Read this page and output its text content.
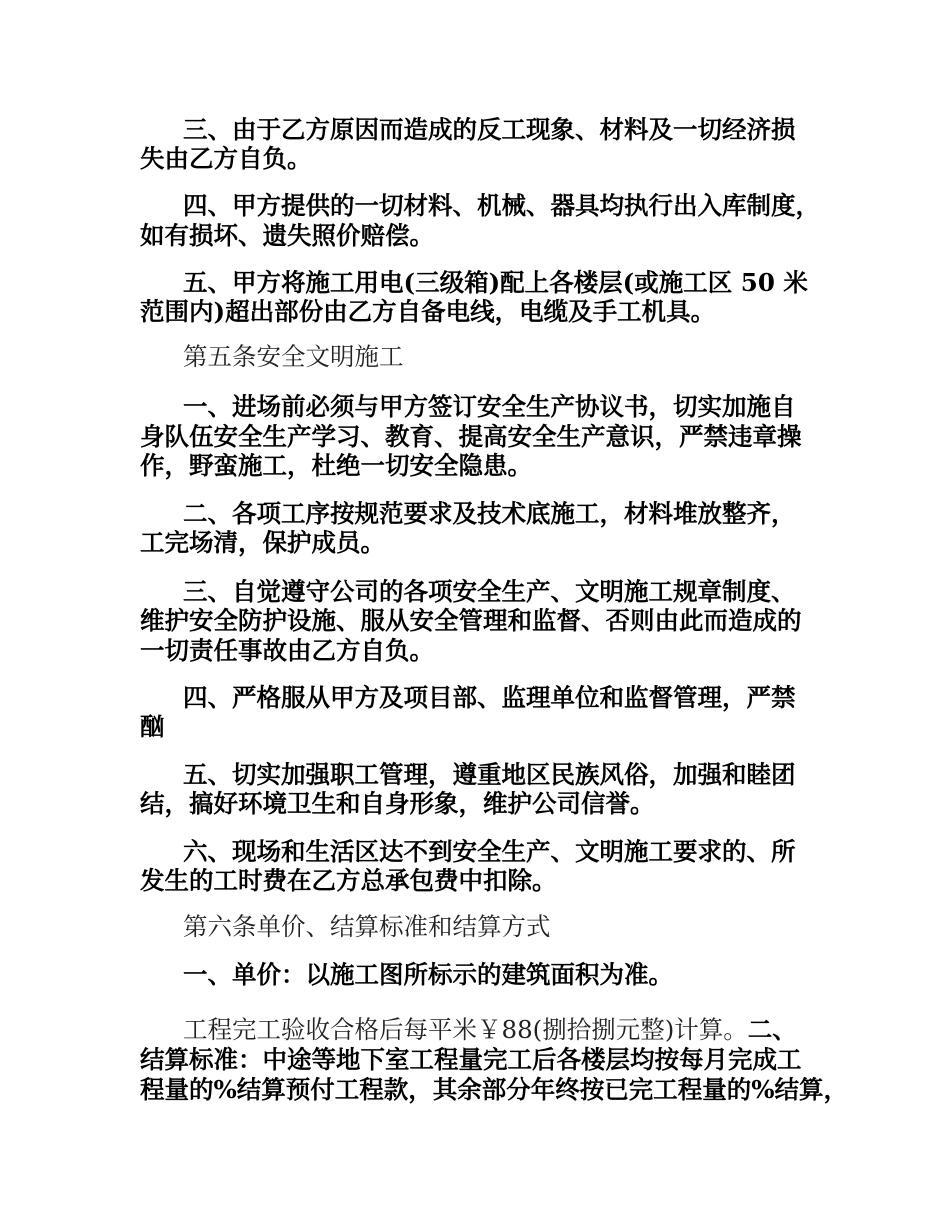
三、由于乙方原因而造成的反工现象、材料及一切经济损
失由乙方自负。
四、甲方提供的一切材料、机械、器具均执行出入库制度，
如有损坏、遗失照价赔偿。
五、甲方将施工用电(三级箱)配上各楼层(或施工区 50 米
范围内)超出部份由乙方自备电线，电缆及手工机具。
第五条安全文明施工
一、进场前必须与甲方签订安全生产协议书，切实加施自
身队伍安全生产学习、教育、提高安全生产意识，严禁违章操
作，野蛮施工，杜绝一切安全隐患。
二、各项工序按规范要求及技术底施工，材料堆放整齐，
工完场清，保护成员。
三、自觉遵守公司的各项安全生产、文明施工规章制度、
维护安全防护设施、服从安全管理和监督、否则由此而造成的
一切责任事故由乙方自负。
四、严格服从甲方及项目部、监理单位和监督管理，严禁
酗
五、切实加强职工管理，遵重地区民族风俗，加强和睦团
结，搞好环境卫生和自身形象，维护公司信誉。
六、现场和生活区达不到安全生产、文明施工要求的、所
发生的工时费在乙方总承包费中扣除。
第六条单价、结算标准和结算方式
一、单价：以施工图所标示的建筑面积为准。
工程完工验收合格后每平米￥88(捌拾捌元整)计算。二、
结算标准：中途等地下室工程量完工后各楼层均按每月完成工
程量的%结算预付工程款，其余部分年终按已完工程量的%结算，
